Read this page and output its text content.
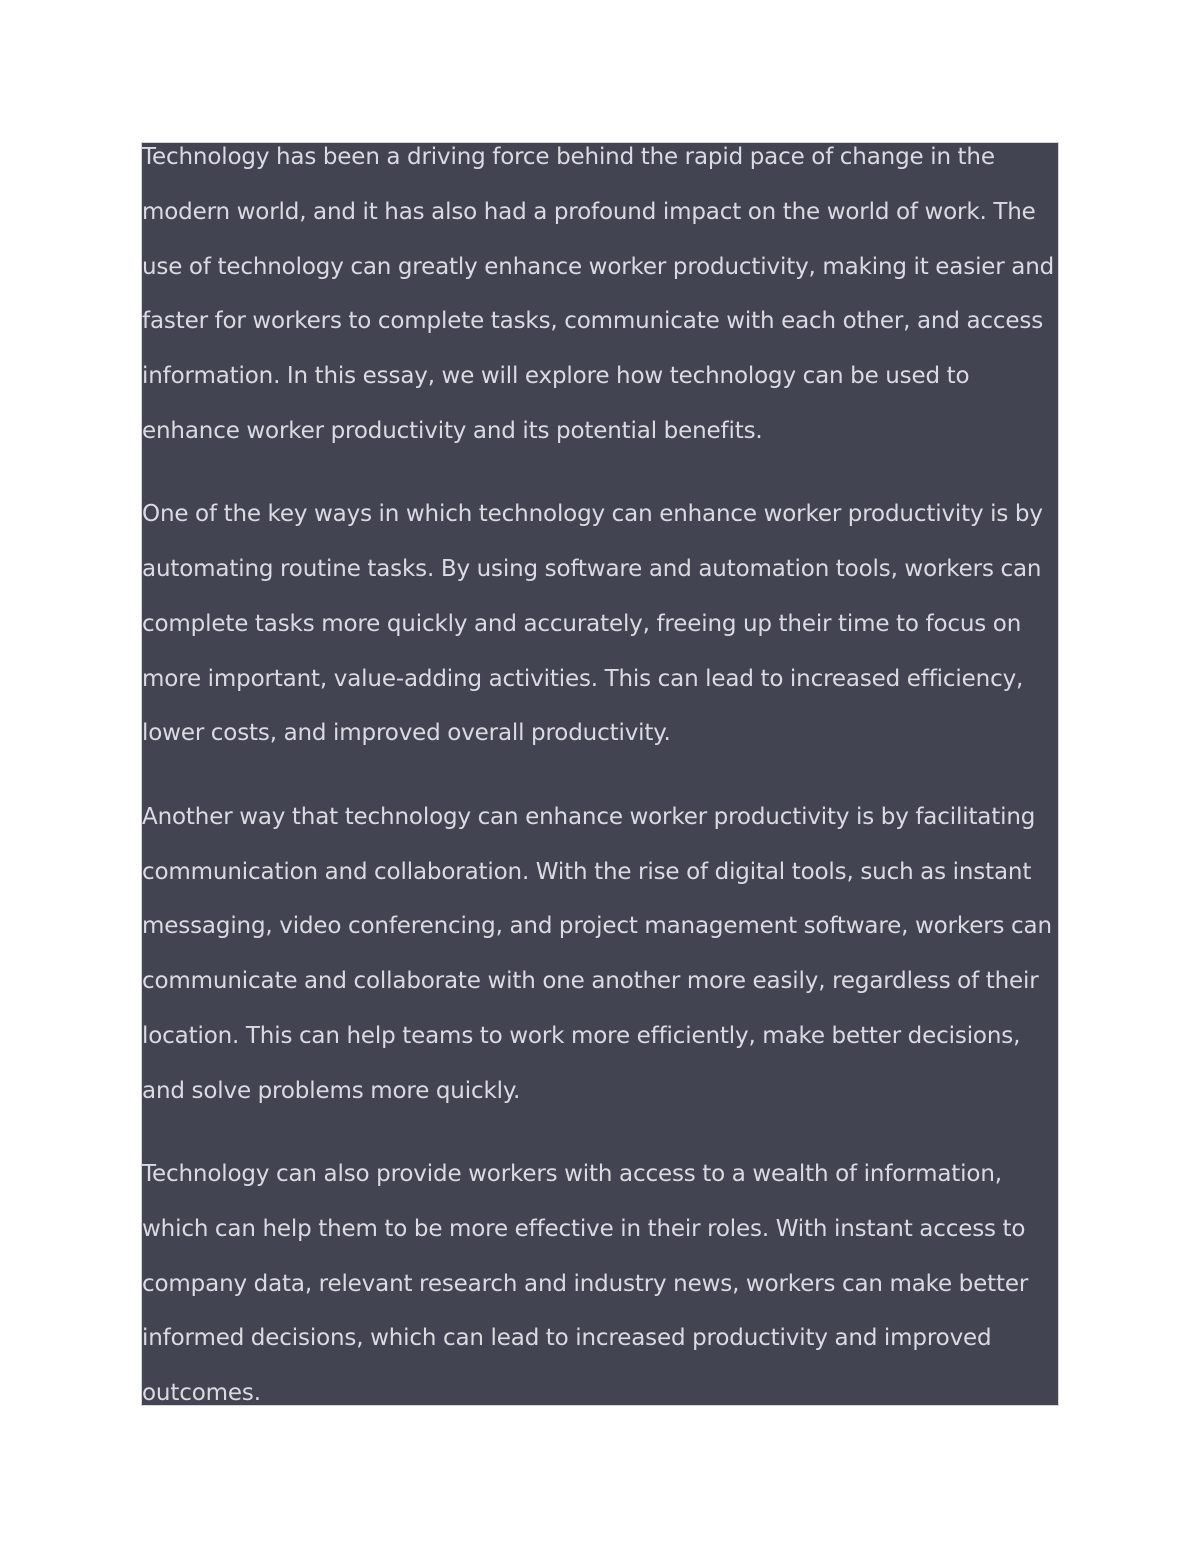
Technology has been a driving force behind the rapid pace of change in the modern world, and it has also had a profound impact on the world of work. The use of technology can greatly enhance worker productivity, making it easier and faster for workers to complete tasks, communicate with each other, and access information. In this essay, we will explore how technology can be used to enhance worker productivity and its potential benefits.

One of the key ways in which technology can enhance worker productivity is by automating routine tasks. By using software and automation tools, workers can complete tasks more quickly and accurately, freeing up their time to focus on more important, value-adding activities. This can lead to increased efficiency, lower costs, and improved overall productivity.

Another way that technology can enhance worker productivity is by facilitating communication and collaboration. With the rise of digital tools, such as instant messaging, video conferencing, and project management software, workers can communicate and collaborate with one another more easily, regardless of their location. This can help teams to work more efficiently, make better decisions, and solve problems more quickly.

Technology can also provide workers with access to a wealth of information, which can help them to be more effective in their roles. With instant access to company data, relevant research and industry news, workers can make better informed decisions, which can lead to increased productivity and improved outcomes.
